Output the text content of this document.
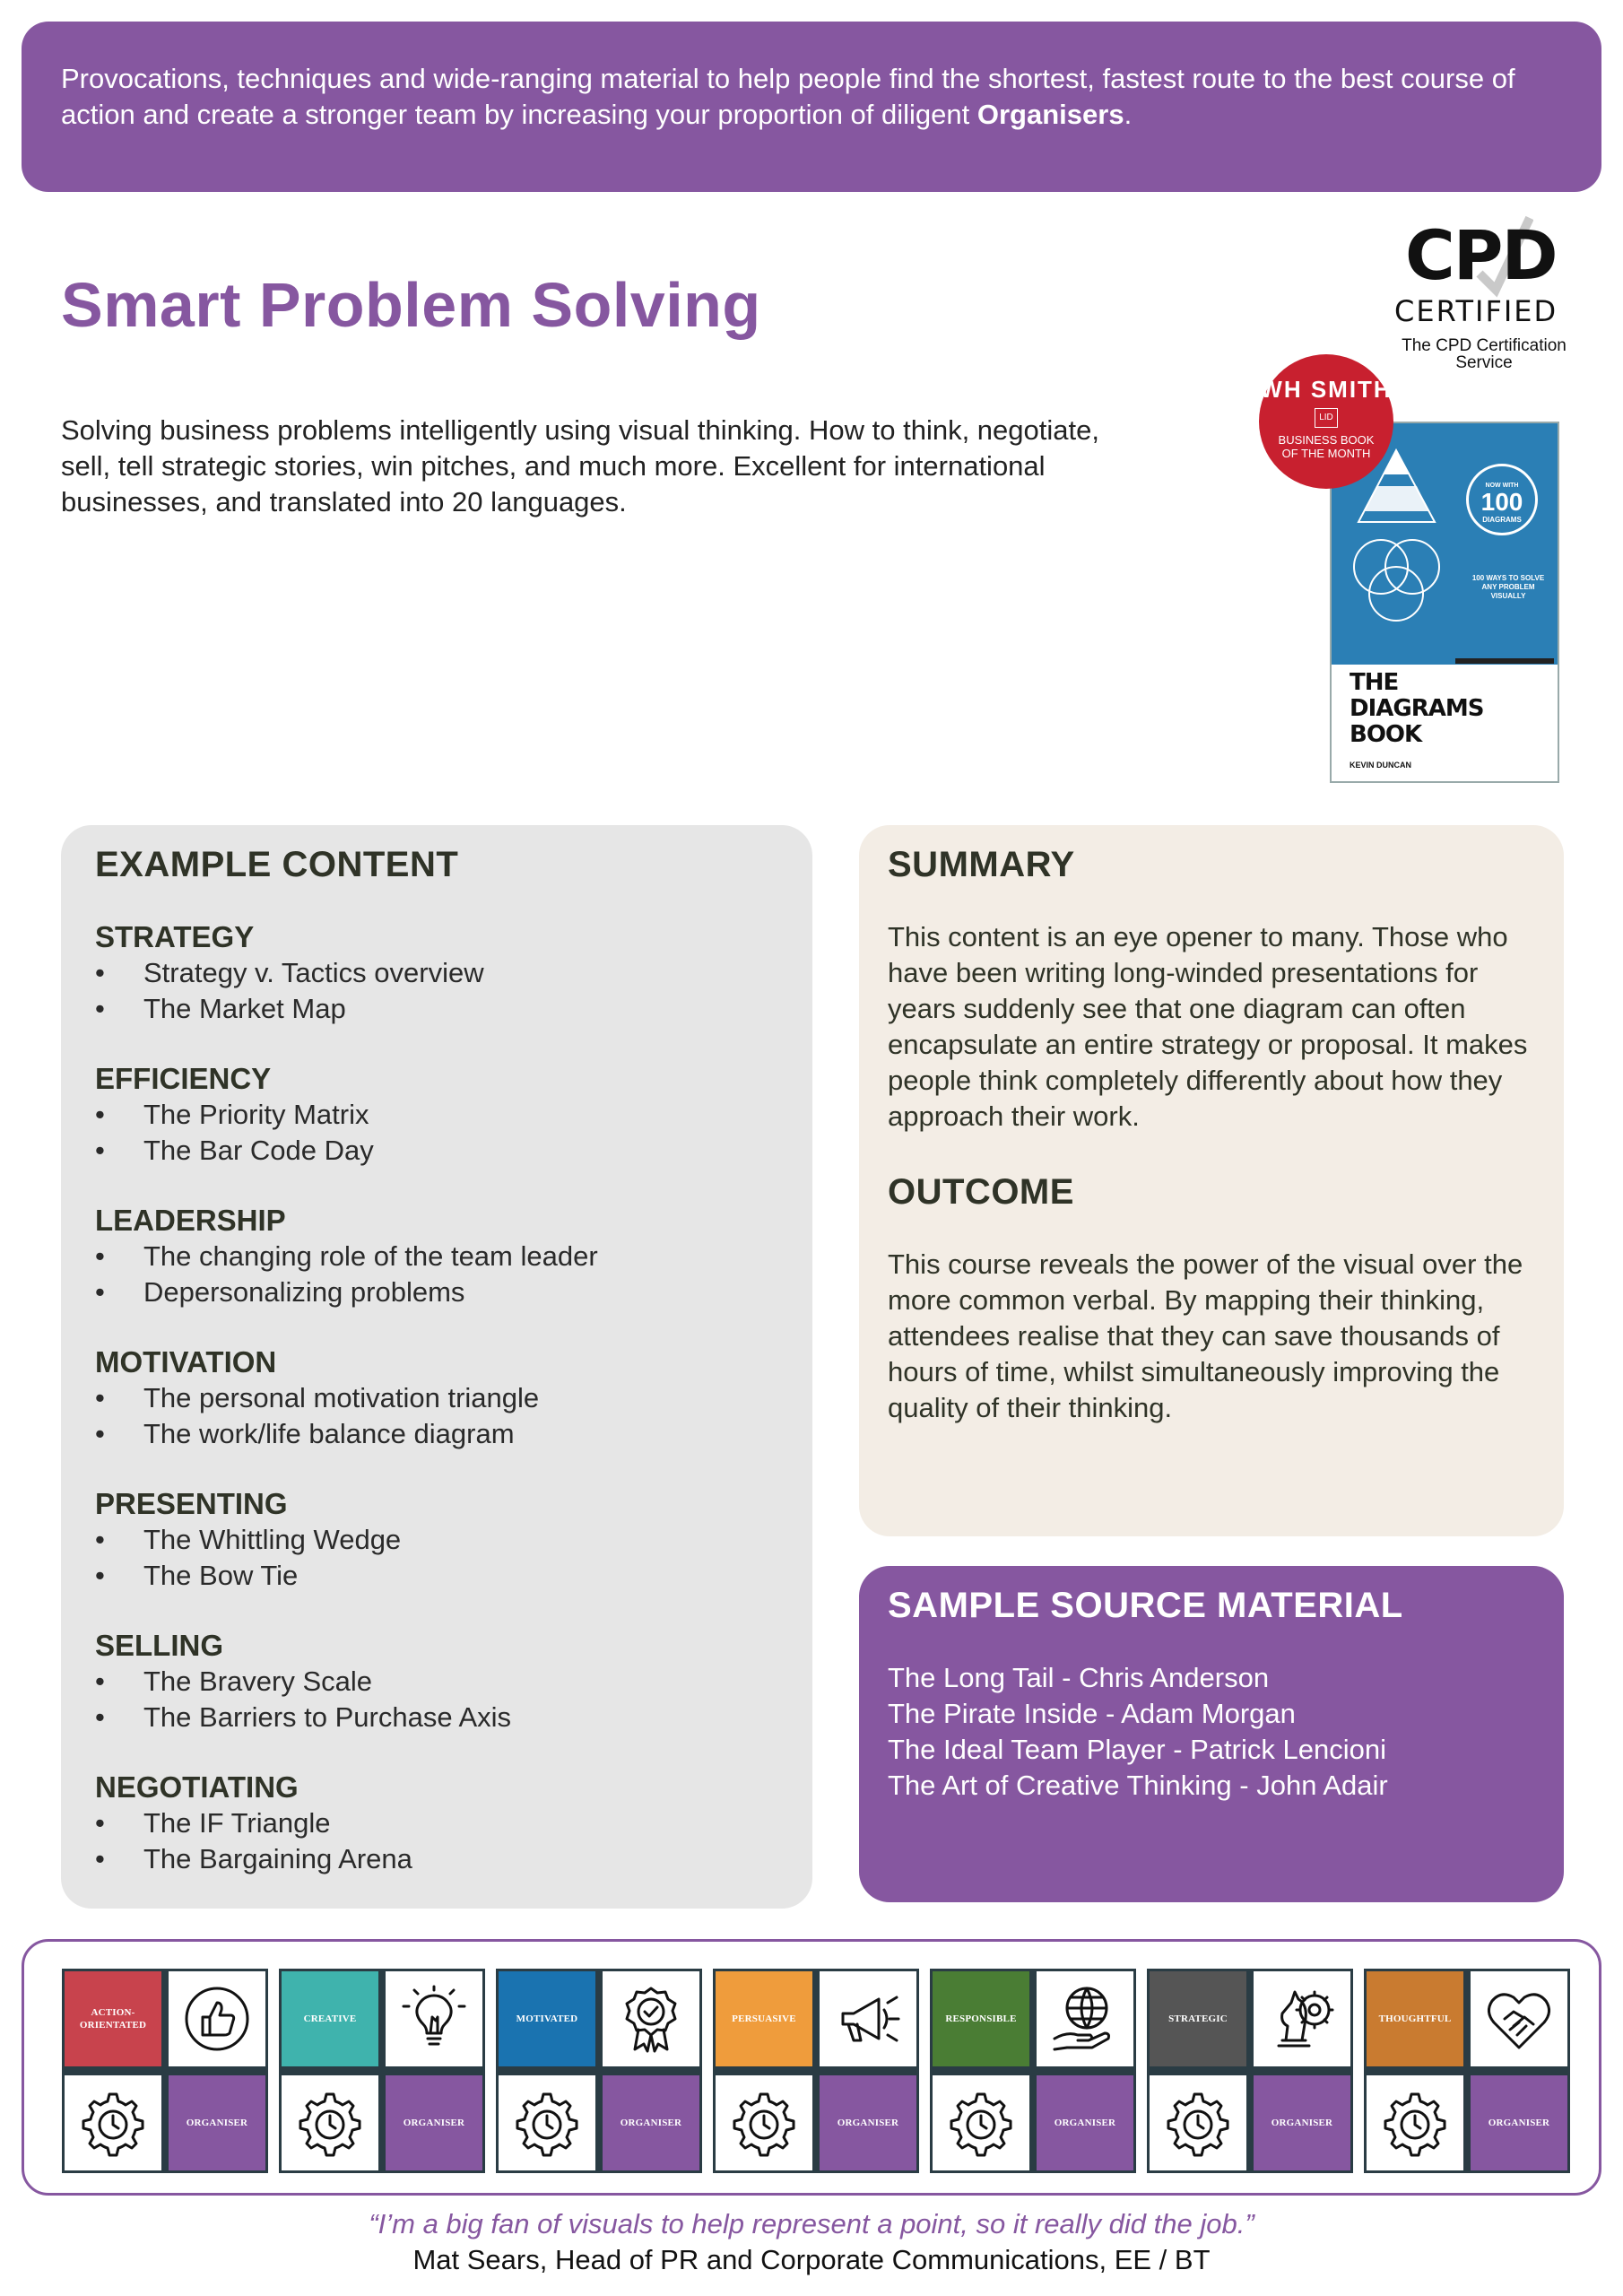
Provocations, techniques and wide-ranging material to help people find the shortest, fastest route to the best course of action and create a stronger team by increasing your proportion of diligent Organisers.
Smart Problem Solving

Solving business problems intelligently using visual thinking. How to think, negotiate, sell, tell strategic stories, win pitches, and much more. Excellent for international businesses, and translated into 20 languages.

CPD
CERTIFIED
The CPD Certification
Service
NOW WITH
100
DIAGRAMS
100 WAYS TO SOLVE ANY PROBLEM VISUALLY
THE
DIAGRAMS
BOOK
KEVIN DUNCAN
WH SMITH
LID
BUSINESS BOOK
OF THE MONTH
EXAMPLE CONTENT
STRATEGY
• Strategy v. Tactics overview
• The Market Map
EFFICIENCY
• The Priority Matrix
• The Bar Code Day
LEADERSHIP
• The changing role of the team leader
• Depersonalizing problems
MOTIVATION
• The personal motivation triangle
• The work/life balance diagram
PRESENTING
• The Whittling Wedge
• The Bow Tie
SELLING
• The Bravery Scale
• The Barriers to Purchase Axis
NEGOTIATING
• The IF Triangle
• The Bargaining Arena
SUMMARY

This content is an eye opener to many. Those who have been writing long-winded presentations for years suddenly see that one diagram can often encapsulate an entire strategy or proposal. It makes people think completely differently about how they approach their work.

OUTCOME

This course reveals the power of the visual over the more common verbal. By mapping their thinking, attendees realise that they can save thousands of hours of time, whilst simultaneously improving the quality of their thinking.

SAMPLE SOURCE MATERIAL
The Long Tail - Chris Anderson
The Pirate Inside - Adam Morgan
The Ideal Team Player - Patrick Lencioni
The Art of Creative Thinking - John Adair
ACTION-ORIENTATED
ORGANISER
CREATIVE
ORGANISER
MOTIVATED
ORGANISER
PERSUASIVE
ORGANISER
RESPONSIBLE
ORGANISER
STRATEGIC
ORGANISER
THOUGHTFUL
ORGANISER

“I’m a big fan of visuals to help represent a point, so it really did the job.”

Mat Sears, Head of PR and Corporate Communications, EE / BT
